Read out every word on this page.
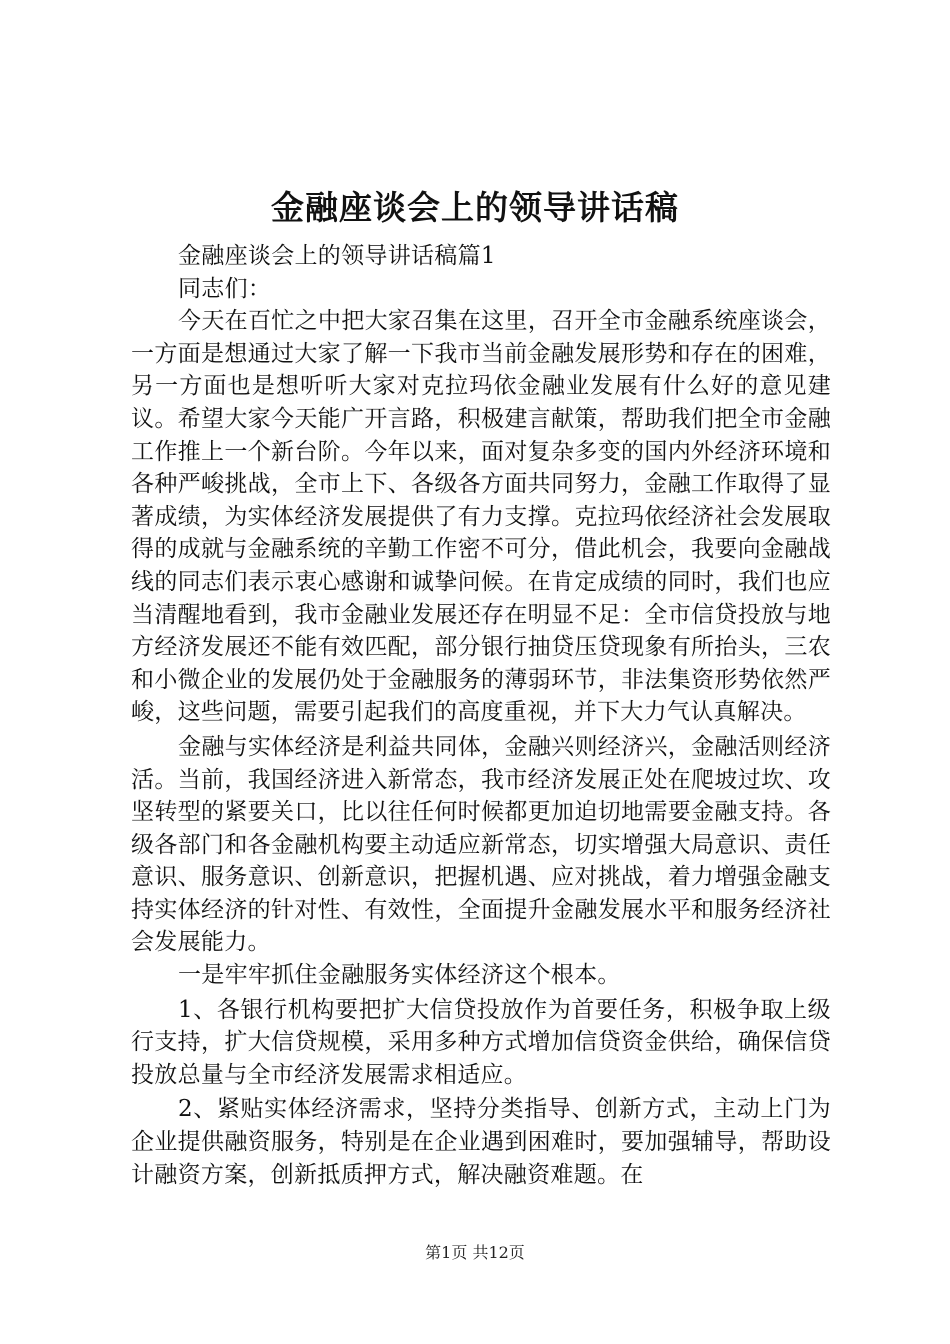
金融座谈会上的领导讲话稿

金融座谈会上的领导讲话稿篇1

同志们：

今天在百忙之中把大家召集在这里，召开全市金融系统座谈会，一方面是想通过大家了解一下我市当前金融发展形势和存在的困难，另一方面也是想听听大家对克拉玛依金融业发展有什么好的意见建议。希望大家今天能广开言路，积极建言献策，帮助我们把全市金融工作推上一个新台阶。今年以来，面对复杂多变的国内外经济环境和各种严峻挑战，全市上下、各级各方面共同努力，金融工作取得了显著成绩，为实体经济发展提供了有力支撑。克拉玛依经济社会发展取得的成就与金融系统的辛勤工作密不可分，借此机会，我要向金融战线的同志们表示衷心感谢和诚挚问候。在肯定成绩的同时，我们也应当清醒地看到，我市金融业发展还存在明显不足：全市信贷投放与地方经济发展还不能有效匹配，部分银行抽贷压贷现象有所抬头，三农和小微企业的发展仍处于金融服务的薄弱环节，非法集资形势依然严峻，这些问题，需要引起我们的高度重视，并下大力气认真解决。

金融与实体经济是利益共同体，金融兴则经济兴，金融活则经济活。当前，我国经济进入新常态，我市经济发展正处在爬坡过坎、攻坚转型的紧要关口，比以往任何时候都更加迫切地需要金融支持。各级各部门和各金融机构要主动适应新常态，切实增强大局意识、责任意识、服务意识、创新意识，把握机遇、应对挑战，着力增强金融支持实体经济的针对性、有效性，全面提升金融发展水平和服务经济社会发展能力。

一是牢牢抓住金融服务实体经济这个根本。

1、各银行机构要把扩大信贷投放作为首要任务，积极争取上级行支持，扩大信贷规模，采用多种方式增加信贷资金供给，确保信贷投放总量与全市经济发展需求相适应。

2、紧贴实体经济需求，坚持分类指导、创新方式，主动上门为企业提供融资服务，特别是在企业遇到困难时，要加强辅导，帮助设计融资方案，创新抵质押方式，解决融资难题。在

第1页 共12页
